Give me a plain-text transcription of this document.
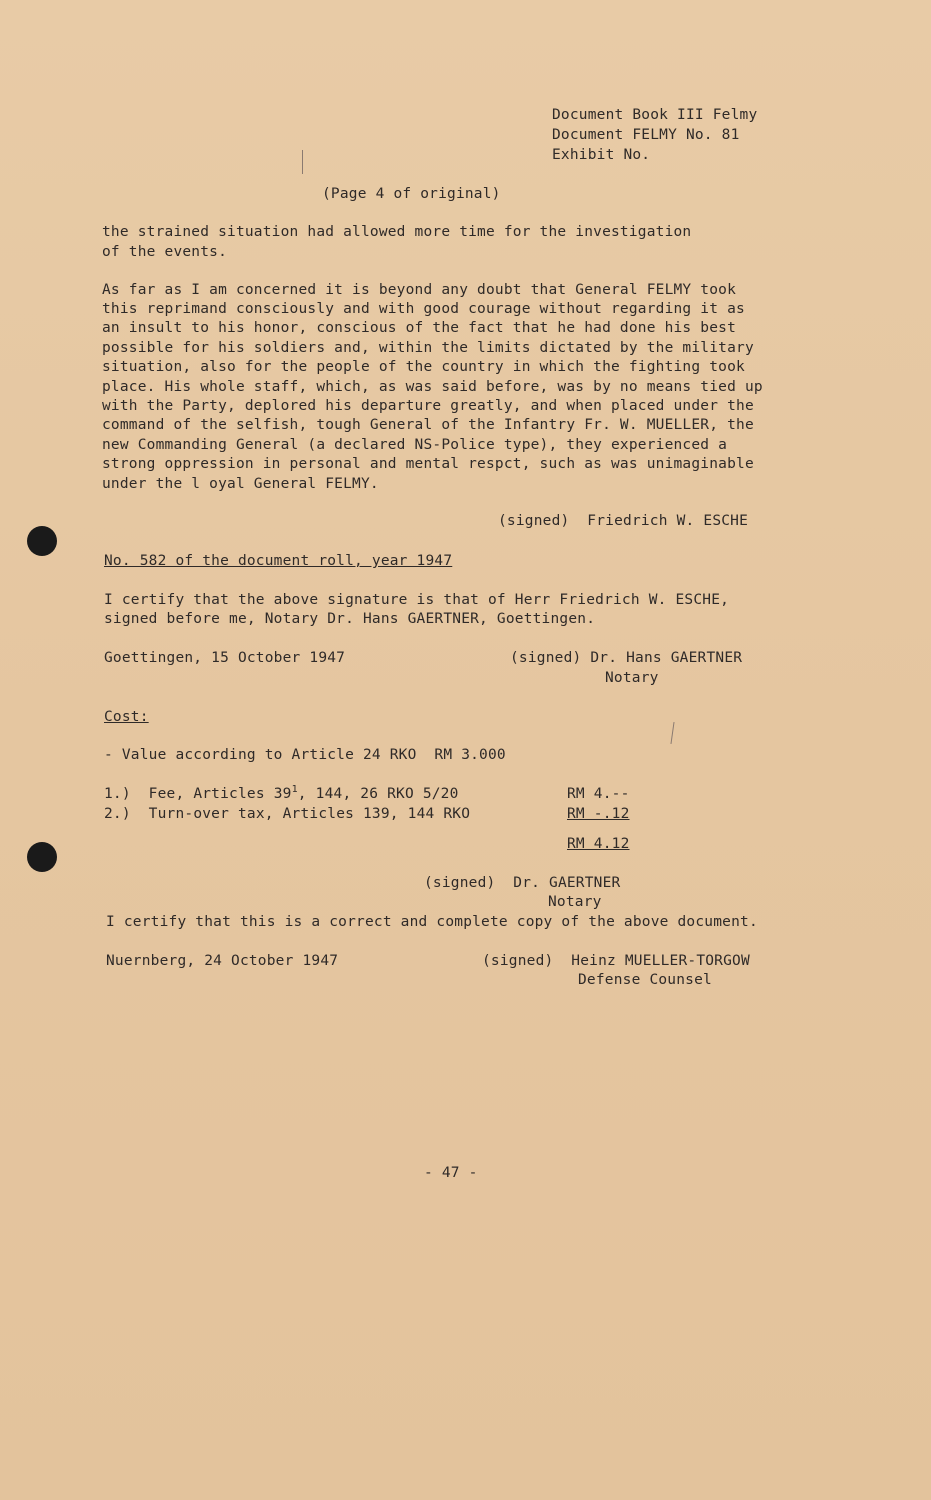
Document Book III Felmy
Document FELMY No. 81
Exhibit No.
(Page 4 of original)
the strained situation had allowed more time for the investigation
of the events.
As far as I am concerned it is beyond any doubt that General FELMY took
this reprimand consciously and with good courage without regarding it as
an insult to his honor, conscious of the fact that he had done his best
possible for his soldiers and, within the limits dictated by the military
situation, also for the people of the country in which the fighting took
place. His whole staff, which, as was said before, was by no means tied up
with the Party, deplored his departure greatly, and when placed under the
command of the selfish, tough General of the Infantry Fr. W. MUELLER, the
new Commanding General (a declared NS-Police type), they experienced a
strong oppression in personal and mental respct, such as was unimaginable
under the l oyal General FELMY.
(signed)  Friedrich W. ESCHE
No. 582 of the document roll, year 1947
I certify that the above signature is that of Herr Friedrich W. ESCHE,
signed before me, Notary Dr. Hans GAERTNER, Goettingen.
Goettingen, 15 October 1947	(signed) Dr. Hans GAERTNER
Notary
Cost:
- Value according to Article 24 RKO  RM 3.000
1.) Fee, Articles $39^1$, 144, 26 RKO 5/20	RM 4.--
2.) Turn-over tax, Articles 139, 144 RKO	RM -.12
RM 4.12
(signed)  Dr. GAERTNER
Notary
I certify that this is a correct and complete copy of the above document.
Nuernberg, 24 October 1947	(signed)  Heinz MUELLER-TORGOW
Defense Counsel
- 47 -
